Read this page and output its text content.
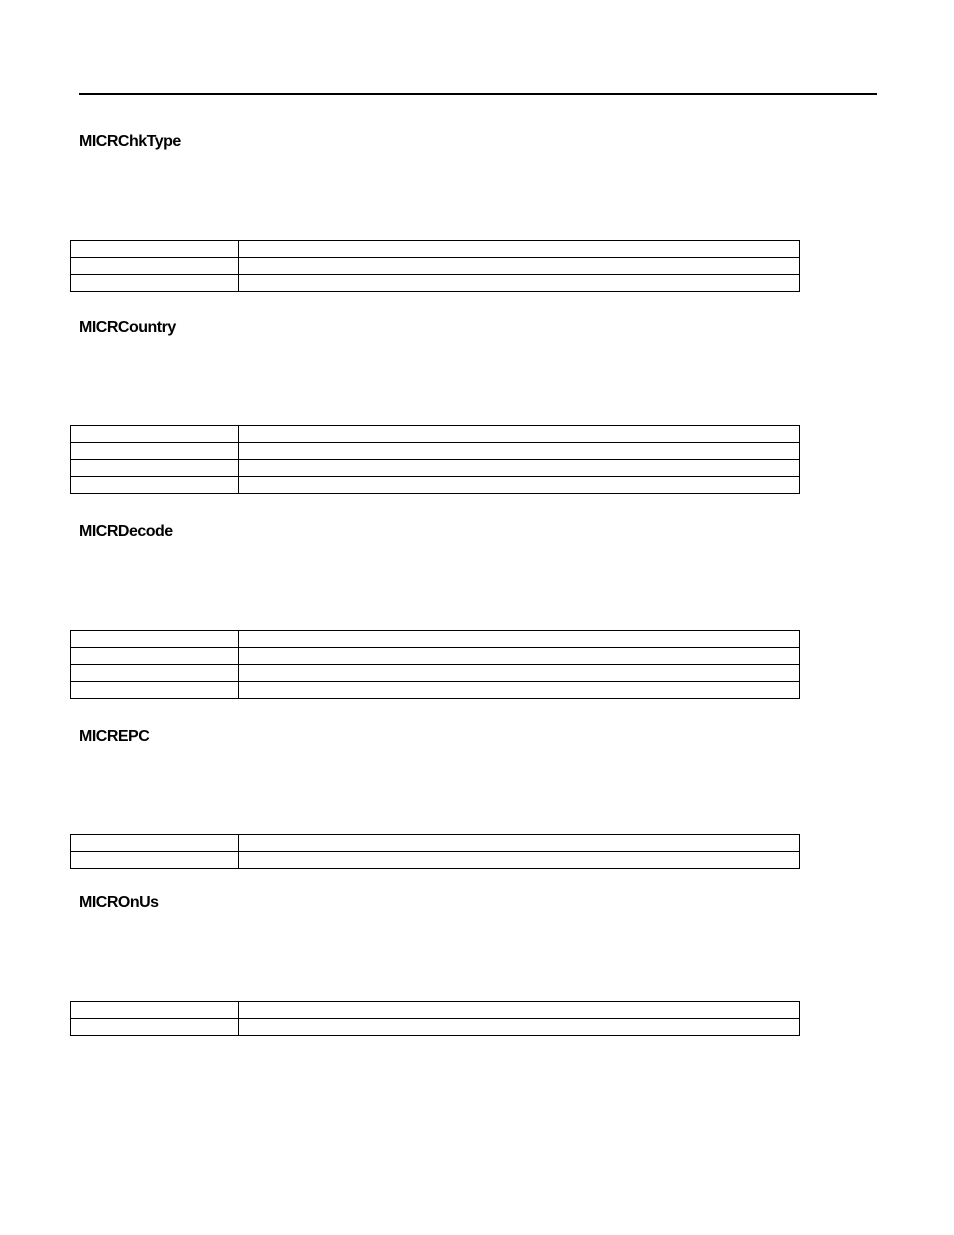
MICRChkType

MICRCountry

MICRDecode

MICREPC

MICROnUs
